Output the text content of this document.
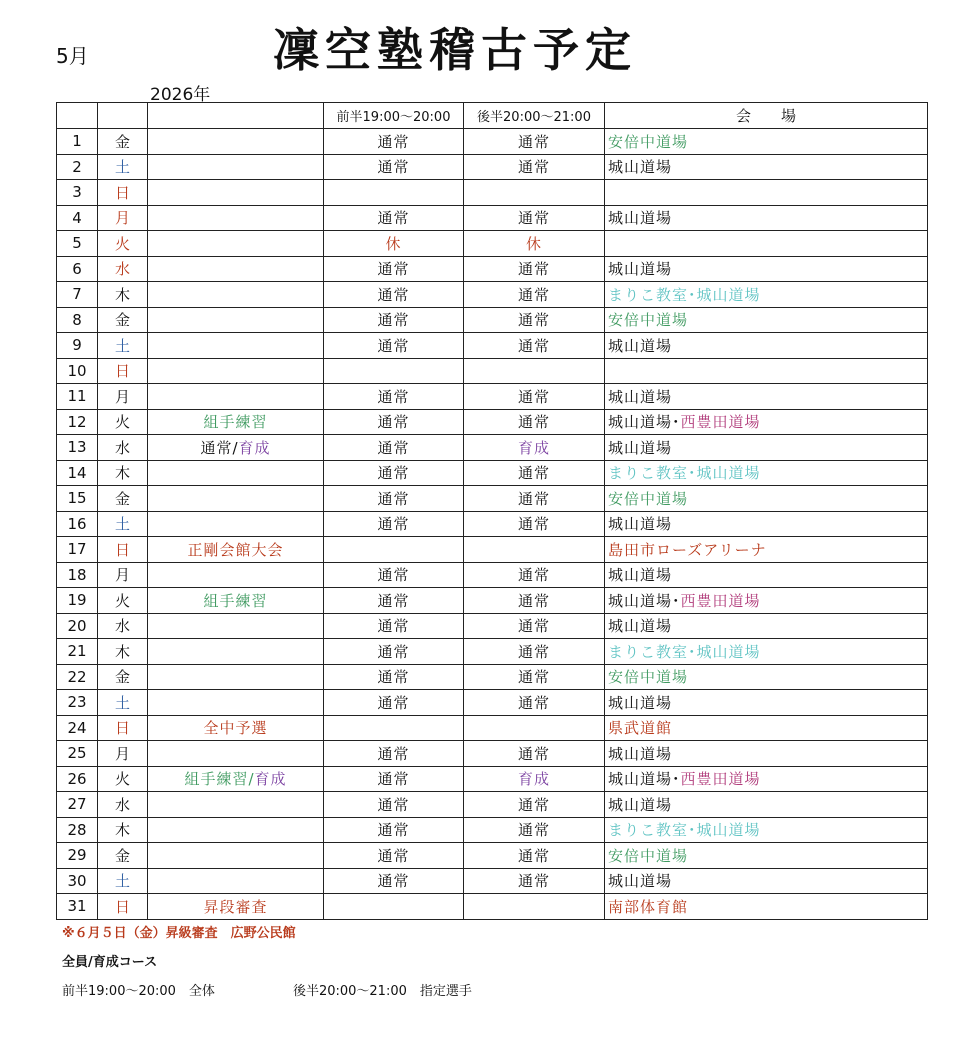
5月	凜空塾稽古予定
2026年
			前半19:00〜20:00	後半20:00〜21:00	会　　場
1	金		通常	通常	安倍中道場
2	土		通常	通常	城山道場
3	日				
4	月		通常	通常	城山道場
5	火		休	休	
6	水		通常	通常	城山道場
7	木		通常	通常	まりこ教室･城山道場
8	金		通常	通常	安倍中道場
9	土		通常	通常	城山道場
10	日				
11	月		通常	通常	城山道場
12	火	組手練習	通常	通常	城山道場･西豊田道場
13	水	通常/育成	通常	育成	城山道場
14	木		通常	通常	まりこ教室･城山道場
15	金		通常	通常	安倍中道場
16	土		通常	通常	城山道場
17	日	正剛会館大会			島田市ローズアリーナ
18	月		通常	通常	城山道場
19	火	組手練習	通常	通常	城山道場･西豊田道場
20	水		通常	通常	城山道場
21	木		通常	通常	まりこ教室･城山道場
22	金		通常	通常	安倍中道場
23	土		通常	通常	城山道場
24	日	全中予選			県武道館
25	月		通常	通常	城山道場
26	火	組手練習/育成	通常	育成	城山道場･西豊田道場
27	水		通常	通常	城山道場
28	木		通常	通常	まりこ教室･城山道場
29	金		通常	通常	安倍中道場
30	土		通常	通常	城山道場
31	日	昇段審査			南部体育館
※６月５日（金）昇級審査　広野公民館
全員/育成コース
前半19:00〜20:00　全体	後半20:00〜21:00　指定選手
